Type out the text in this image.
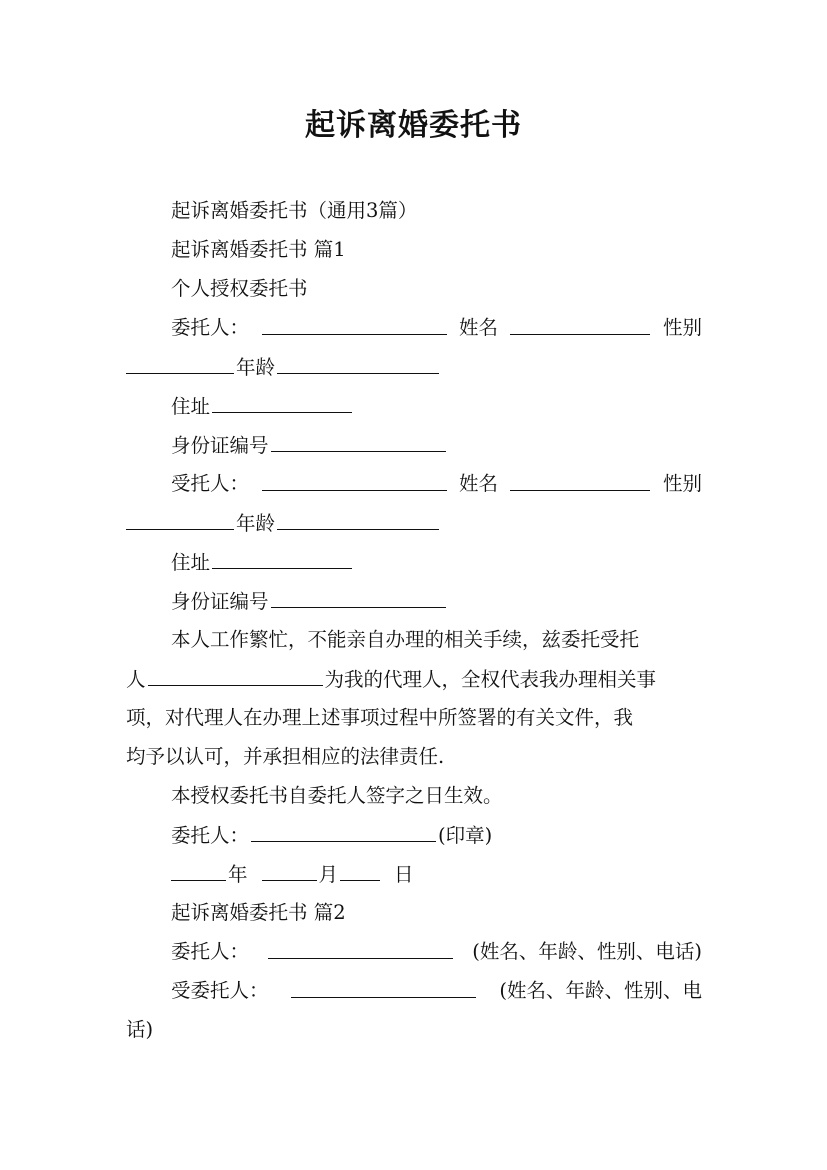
起诉离婚委托书
起诉离婚委托书（通用3篇）
起诉离婚委托书 篇1
个人授权委托书
委托人：	姓名	性别
年龄
住址
身份证编号
受托人：	姓名	性别
年龄
住址
身份证编号
本人工作繁忙，不能亲自办理的相关手续，兹委托受托
人	为我的代理人，全权代表我办理相关事
项，对代理人在办理上述事项过程中所签署的有关文件，我
均予以认可，并承担相应的法律责任.
本授权委托书自委托人签字之日生效。
委托人：	(印章)
年	月	日
起诉离婚委托书 篇2
委托人：	(姓名、年龄、性别、电话)
受委托人：	(姓名、年龄、性别、电
话)
